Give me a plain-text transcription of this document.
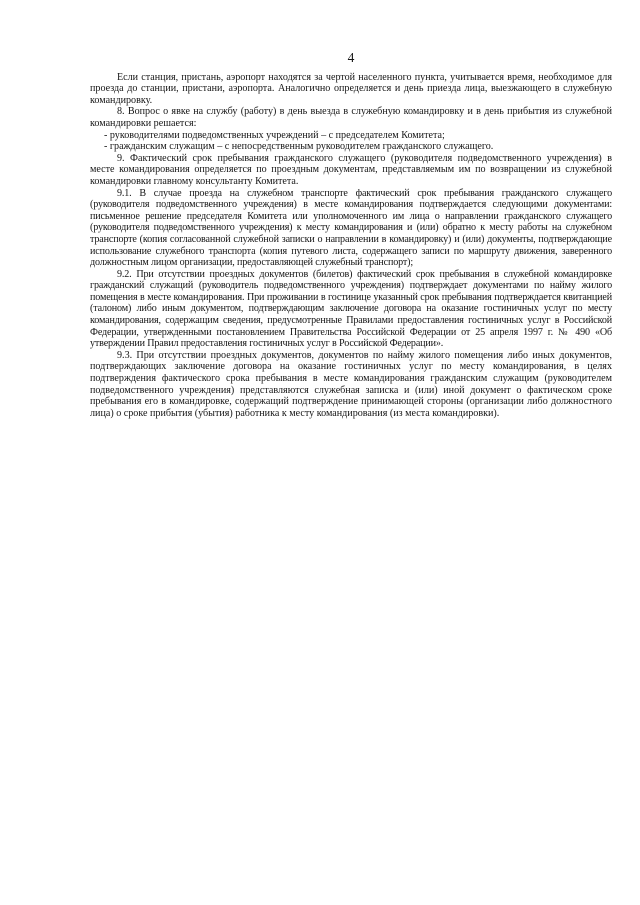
4

Если станция, пристань, аэропорт находятся за чертой населенного пункта, учитывается время, необходимое для проезда до станции, пристани, аэропорта. Аналогично определяется и день приезда лица, выезжающего в служебную командировку.

8. Вопрос о явке на службу (работу) в день выезда в служебную командировку и в день прибытия из служебной командировки решается:

- руководителями подведомственных учреждений – с председателем Комитета;

- гражданским служащим – с непосредственным руководителем гражданского служащего.

9. Фактический срок пребывания гражданского служащего (руководителя подведомственного учреждения) в месте командирования определяется по проездным документам, представляемым им по возвращении из служебной командировки главному консультанту Комитета.

9.1. В случае проезда на служебном транспорте фактический срок пребывания гражданского служащего (руководителя подведомственного учреждения) в месте командирования подтверждается следующими документами: письменное решение председателя Комитета или уполномоченного им лица о направлении гражданского служащего (руководителя подведомственного учреждения) к месту командирования и (или) обратно к месту работы на служебном транспорте (копия согласованной служебной записки о направлении в командировку) и (или) документы, подтверждающие использование служебного транспорта (копия путевого листа, содержащего записи по маршруту движения, заверенного должностным лицом организации, предоставляющей служебный транспорт);

9.2. При отсутствии проездных документов (билетов) фактический срок пребывания в служебной командировке гражданский служащий (руководитель подведомственного учреждения) подтверждает документами по найму жилого помещения в месте командирования. При проживании в гостинице указанный срок пребывания подтверждается квитанцией (талоном) либо иным документом, подтверждающим заключение договора на оказание гостиничных услуг по месту командирования, содержащим сведения, предусмотренные Правилами предоставления гостиничных услуг в Российской Федерации, утвержденными постановлением Правительства Российской Федерации от 25 апреля 1997 г. № 490 «Об утверждении Правил предоставления гостиничных услуг в Российской Федерации».

9.3. При отсутствии проездных документов, документов по найму жилого помещения либо иных документов, подтверждающих заключение договора на оказание гостиничных услуг по месту командирования, в целях подтверждения фактического срока пребывания в месте командирования гражданским служащим (руководителем подведомственного учреждения) представляются служебная записка и (или) иной документ о фактическом сроке пребывания его в командировке, содержащий подтверждение принимающей стороны (организации либо должностного лица) о сроке прибытия (убытия) работника к месту командирования (из места командировки).
